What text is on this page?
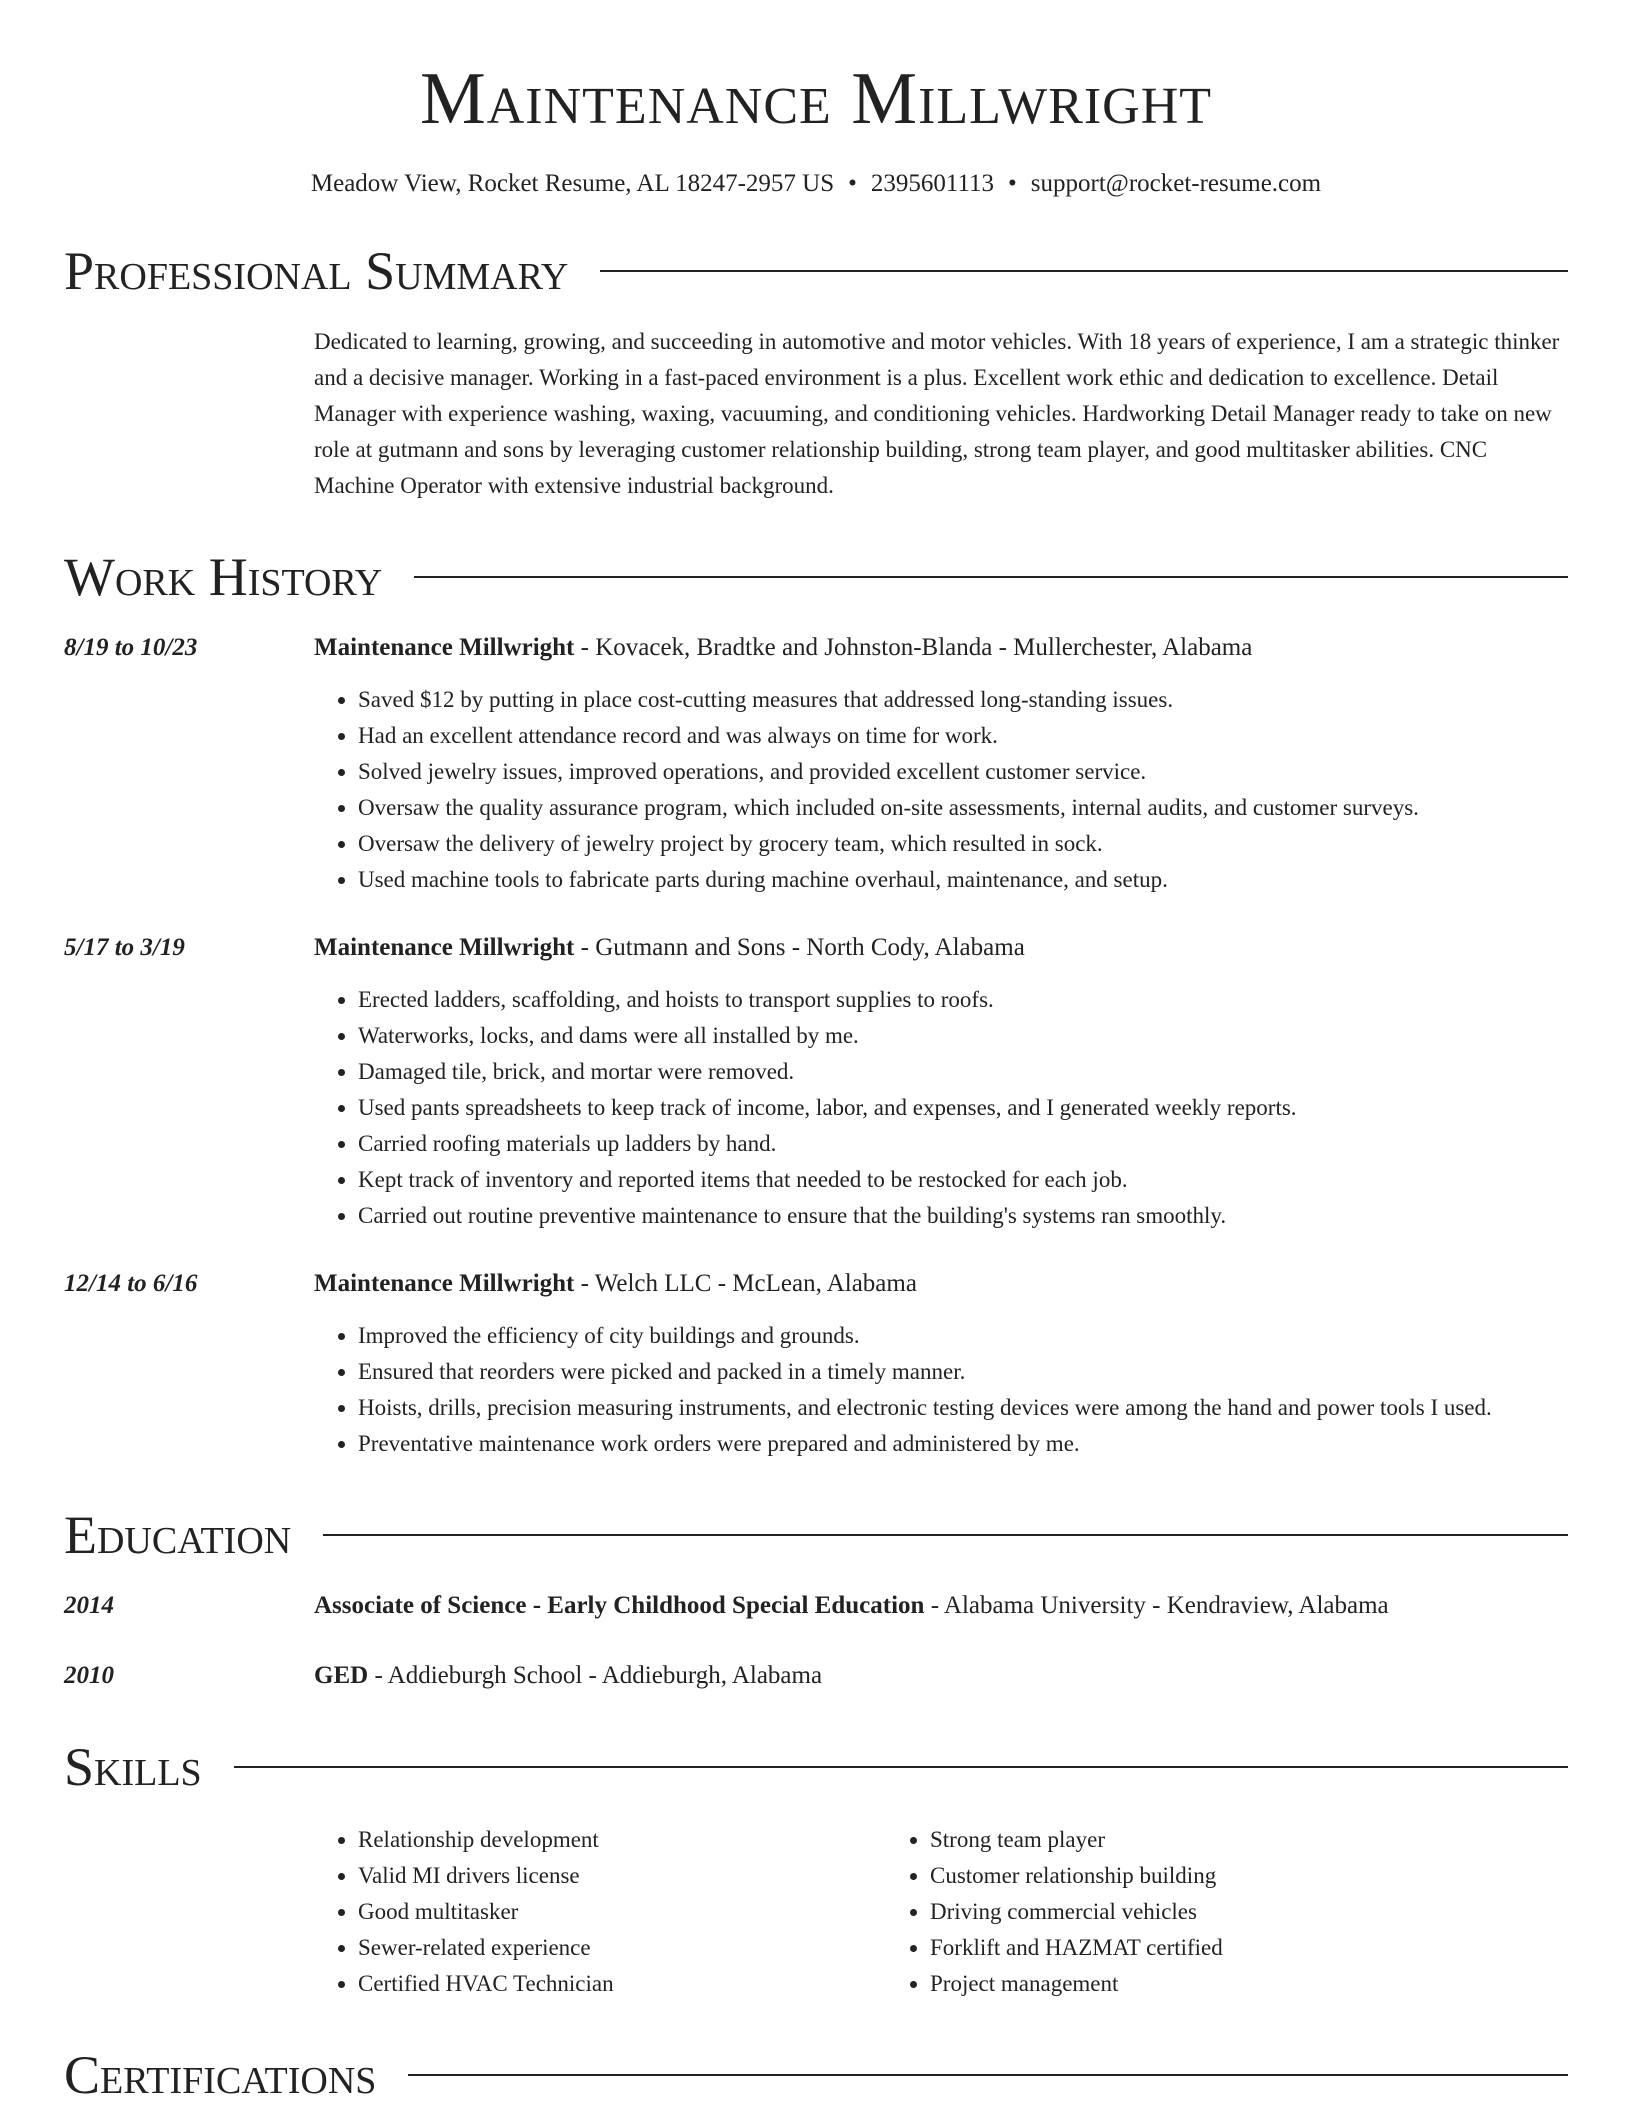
Maintenance Millwright
Meadow View, Rocket Resume, AL 18247-2957 US • 2395601113 • support@rocket-resume.com
Professional Summary
Dedicated to learning, growing, and succeeding in automotive and motor vehicles. With 18 years of experience, I am a strategic thinker and a decisive manager. Working in a fast-paced environment is a plus. Excellent work ethic and dedication to excellence. Detail Manager with experience washing, waxing, vacuuming, and conditioning vehicles. Hardworking Detail Manager ready to take on new role at gutmann and sons by leveraging customer relationship building, strong team player, and good multitasker abilities. CNC Machine Operator with extensive industrial background.
Work History
8/19 to 10/23	Maintenance Millwright - Kovacek, Bradtke and Johnston-Blanda - Mullerchester, Alabama
• Saved $12 by putting in place cost-cutting measures that addressed long-standing issues.
• Had an excellent attendance record and was always on time for work.
• Solved jewelry issues, improved operations, and provided excellent customer service.
• Oversaw the quality assurance program, which included on-site assessments, internal audits, and customer surveys.
• Oversaw the delivery of jewelry project by grocery team, which resulted in sock.
• Used machine tools to fabricate parts during machine overhaul, maintenance, and setup.
5/17 to 3/19	Maintenance Millwright - Gutmann and Sons - North Cody, Alabama
• Erected ladders, scaffolding, and hoists to transport supplies to roofs.
• Waterworks, locks, and dams were all installed by me.
• Damaged tile, brick, and mortar were removed.
• Used pants spreadsheets to keep track of income, labor, and expenses, and I generated weekly reports.
• Carried roofing materials up ladders by hand.
• Kept track of inventory and reported items that needed to be restocked for each job.
• Carried out routine preventive maintenance to ensure that the building's systems ran smoothly.
12/14 to 6/16	Maintenance Millwright - Welch LLC - McLean, Alabama
• Improved the efficiency of city buildings and grounds.
• Ensured that reorders were picked and packed in a timely manner.
• Hoists, drills, precision measuring instruments, and electronic testing devices were among the hand and power tools I used.
• Preventative maintenance work orders were prepared and administered by me.
Education
2014	Associate of Science - Early Childhood Special Education - Alabama University - Kendraview, Alabama
2010	GED - Addieburgh School - Addieburgh, Alabama
Skills
• Relationship development
• Valid MI drivers license
• Good multitasker
• Sewer-related experience
• Certified HVAC Technician
• Strong team player
• Customer relationship building
• Driving commercial vehicles
• Forklift and HAZMAT certified
• Project management
Certifications
